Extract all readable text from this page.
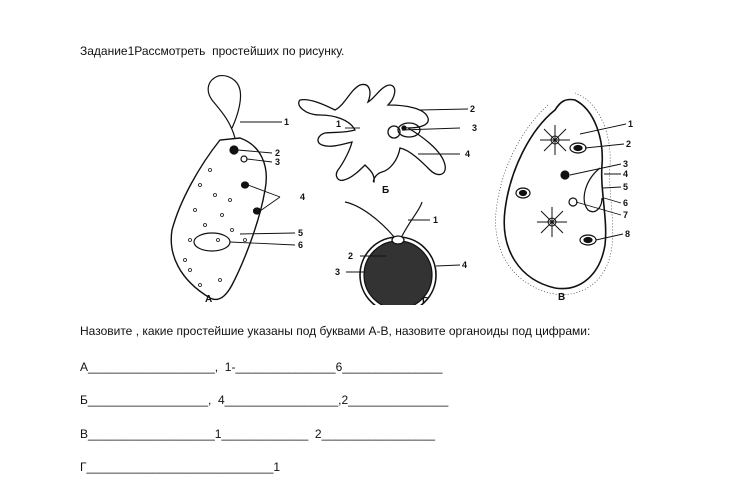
Задание1Рассмотреть  простейших по рисунку.
1
2
3
4
5
6
А
1
2
3
4
Б
1
2
3
4
Г
1
2
3
4
5
6
7
8
В
Назовите , какие простейшие указаны под буквами А-В, назовите органоиды под цифрами:
А___________________,  1-_______________6_______________
Б__________________,  4_________________,2_______________
В___________________1_____________  2_________________
Г____________________________1
